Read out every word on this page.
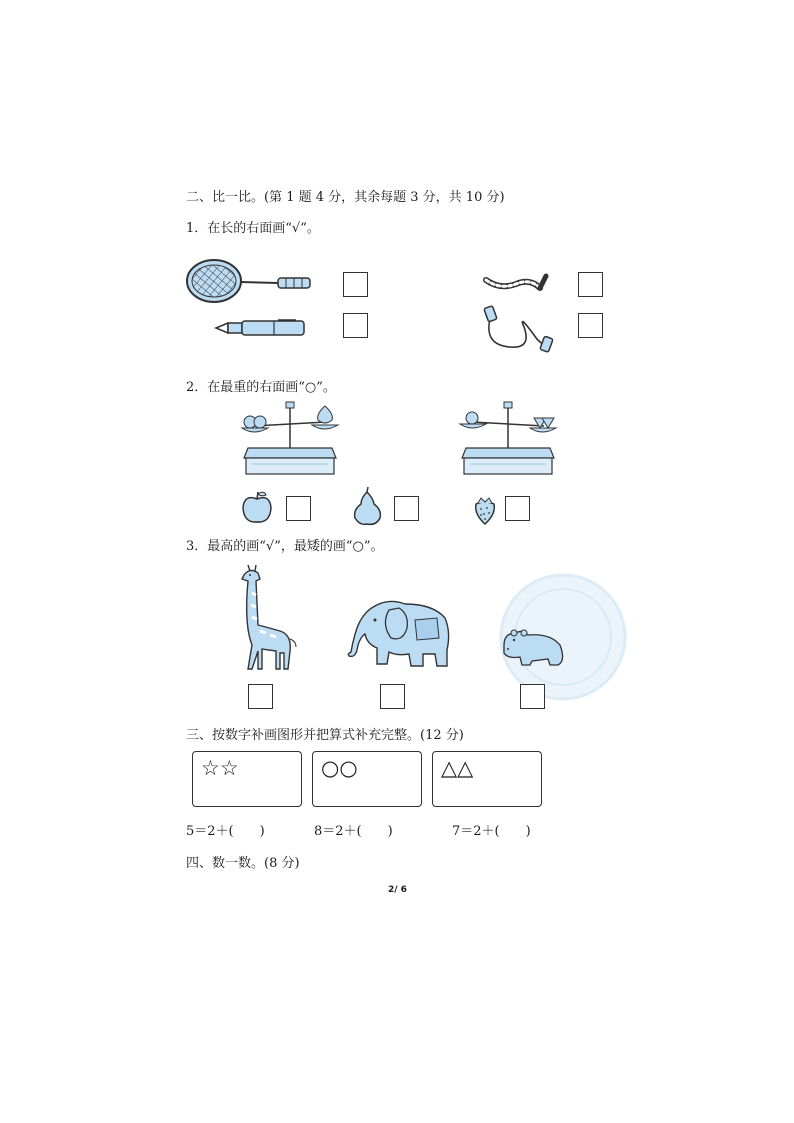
二、比一比。(第 1 题 4 分，其余每题 3 分，共 10 分)
1．在长的右面画“√”。
2．在最重的右面画“○”。
3．最高的画“√”，最矮的画“○”。
三、按数字补画图形并把算式补充完整。(12 分)
☆☆	○○	△△
5＝2＋(　　)	8＝2＋(　　)	7＝2＋(　　)
四、数一数。(8 分)
2/ 6
